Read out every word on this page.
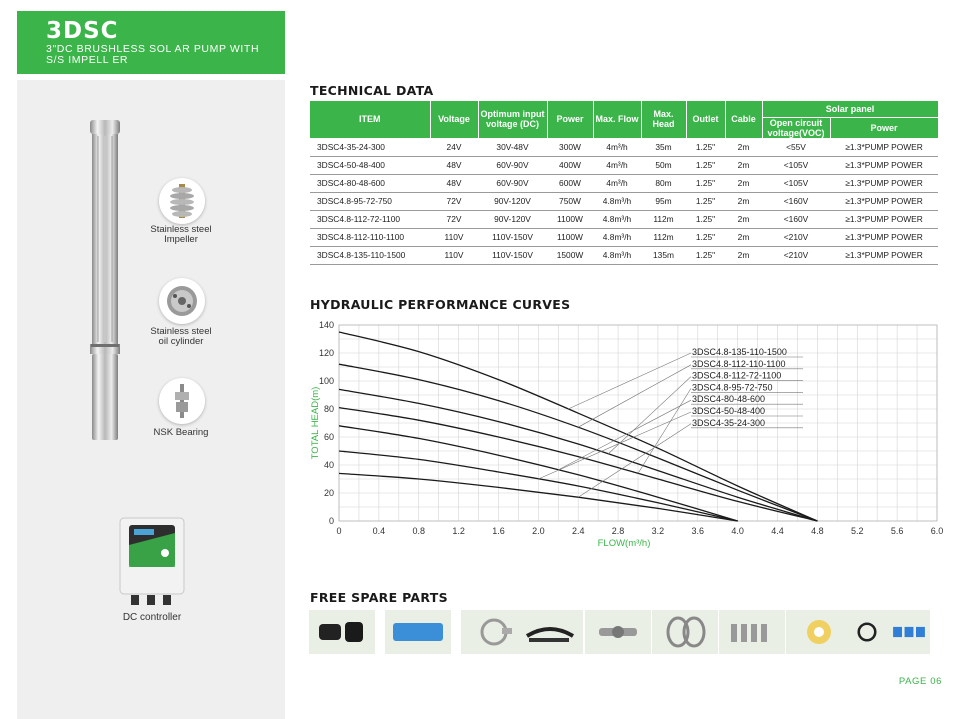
3DSC
3"DC BRUSHLESS SOL AR PUMP WITH S/S IMPELL ER
Stainless steel Impeller
Stainless steel oil cylinder
NSK Bearing
DC controller
TECHNICAL DATA
ITEM	Voltage	Optimum input voltage (DC)	Power	Max. Flow	Max. Head	Outlet	Cable	Solar panel	
								Open circuit voltage(VOC)	Power
3DSC4-35-24-300	24V	30V-48V	300W	4m³/h	35m	1.25"	2m	<55V	≥1.3*PUMP POWER
3DSC4-50-48-400	48V	60V-90V	400W	4m³/h	50m	1.25"	2m	<105V	≥1.3*PUMP POWER
3DSC4-80-48-600	48V	60V-90V	600W	4m³/h	80m	1.25"	2m	<105V	≥1.3*PUMP POWER
3DSC4.8-95-72-750	72V	90V-120V	750W	4.8m³/h	95m	1.25"	2m	<160V	≥1.3*PUMP POWER
3DSC4.8-112-72-1100	72V	90V-120V	1100W	4.8m³/h	112m	1.25"	2m	<160V	≥1.3*PUMP POWER
3DSC4.8-112-110-1100	110V	110V-150V	1100W	4.8m³/h	112m	1.25"	2m	<210V	≥1.3*PUMP POWER
3DSC4.8-135-110-1500	110V	110V-150V	1500W	4.8m³/h	135m	1.25"	2m	<210V	≥1.3*PUMP POWER
HYDRAULIC PERFORMANCE CURVES
0	0.4	0.8	1.2	1.6	2.0	2.4	2.8	3.2	3.6	4.0	4.4	4.8	5.2	5.6	6.0
0
20
40
60
80
100
120
140
FLOW(m³/h)
TOTAL HEAD(m)
3DSC4.8-135-110-1500
3DSC4.8-112-110-1100
3DSC4.8-112-72-1100
3DSC4.8-95-72-750
3DSC4-80-48-600
3DSC4-50-48-400
3DSC4-35-24-300
FREE SPARE PARTS
PAGE 06
